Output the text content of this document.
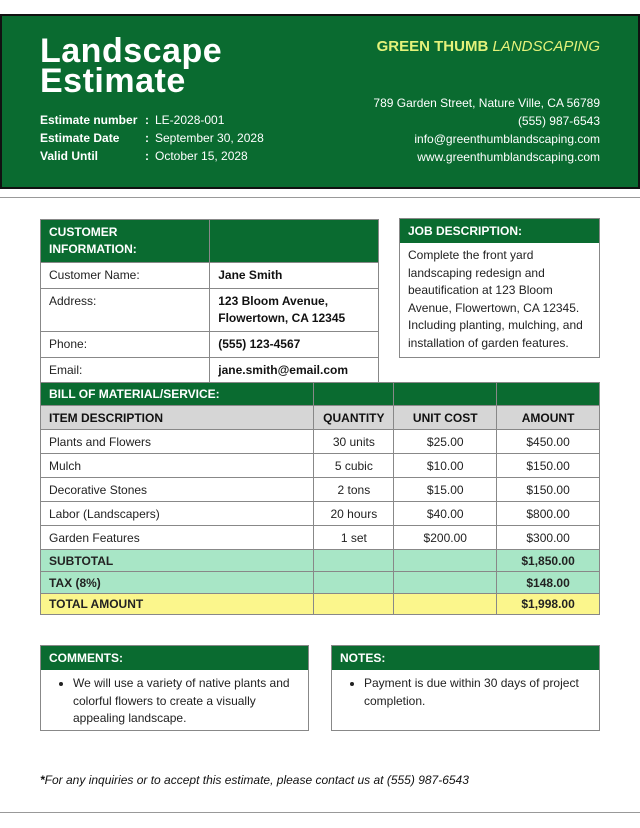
Landscape
Estimate
Estimate number : LE-2028-001
Estimate Date	: September 30, 2028
Valid Until	: October 15, 2028
GREEN THUMB LANDSCAPING
789 Garden Street, Nature Ville, CA 56789
(555) 987-6543
info@greenthumblandscaping.com
www.greenthumblandscaping.com
CUSTOMER INFORMATION:	
Customer Name:	Jane Smith
Address:	123 Bloom Avenue,
Flowertown, CA 12345

Phone:	(555) 123-4567
Email:	jane.smith@email.com
JOB DESCRIPTION:
Complete the front yard landscaping redesign and beautification at 123 Bloom Avenue, Flowertown, CA 12345. Including planting, mulching, and installation of garden features.
BILL OF MATERIAL/SERVICE:			
ITEM DESCRIPTION	QUANTITY	UNIT COST	AMOUNT
Plants and Flowers	30 units	$25.00	$450.00
Mulch	5 cubic	$10.00	$150.00
Decorative Stones	2 tons	$15.00	$150.00
Labor (Landscapers)	20 hours	$40.00	$800.00
Garden Features	1 set	$200.00	$300.00
SUBTOTAL			$1,850.00
TAX (8%)			$148.00
TOTAL AMOUNT			$1,998.00
COMMENTS:
• We will use a variety of native plants and colorful flowers to create a visually appealing landscape.
NOTES:
• Payment is due within 30 days of project completion.
*For any inquiries or to accept this estimate, please contact us at (555) 987-6543
